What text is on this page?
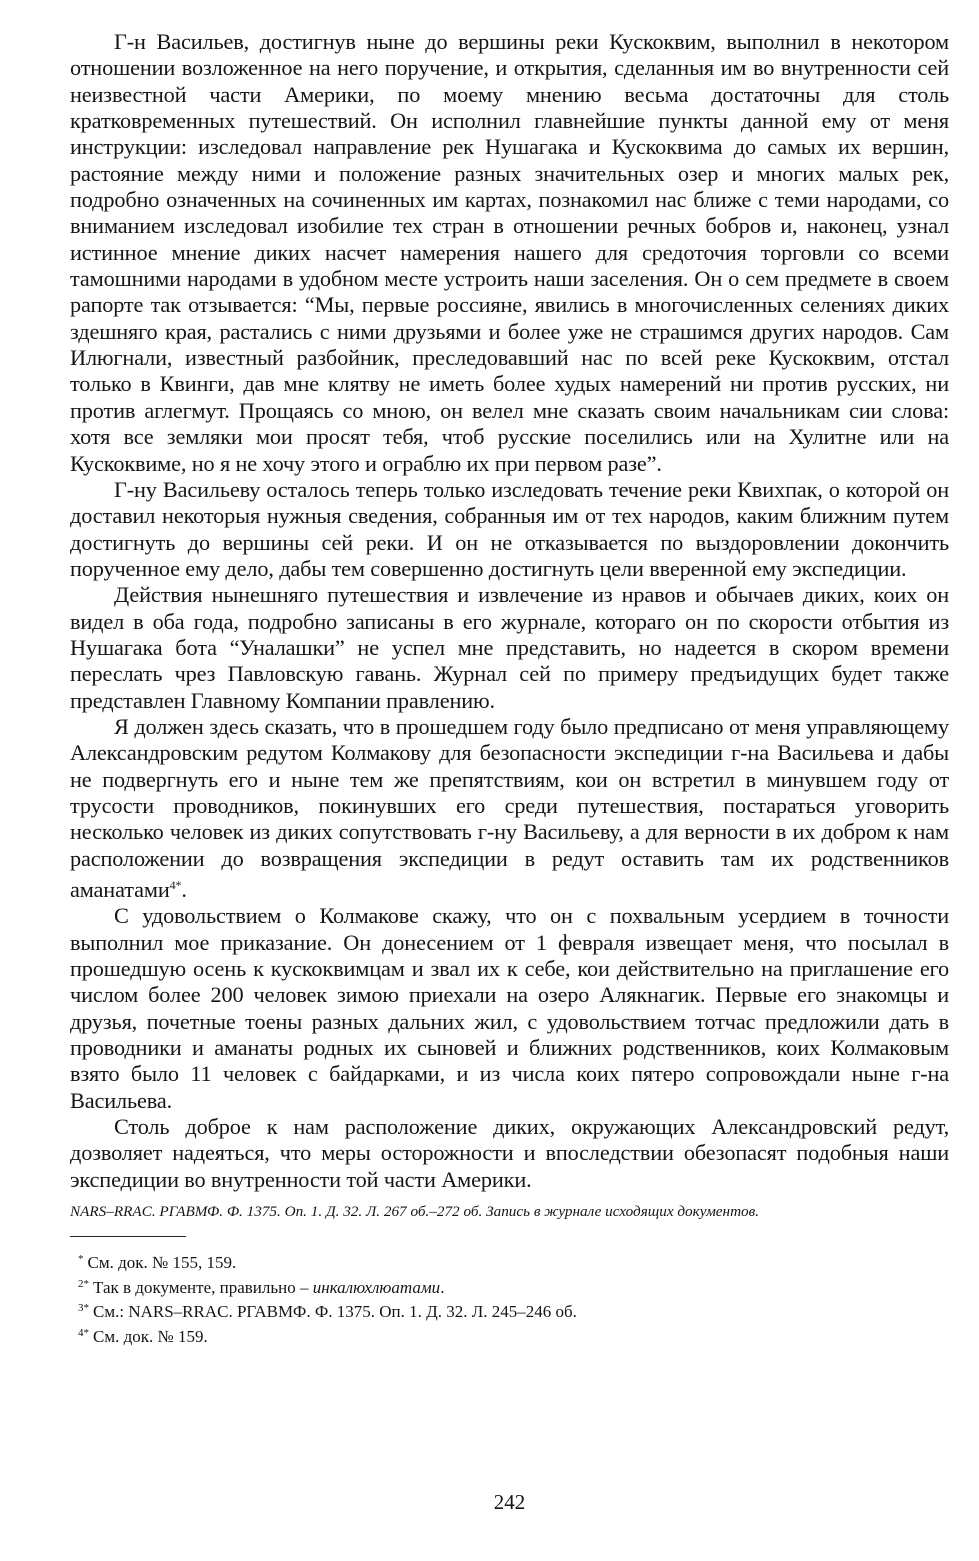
Г-н Васильев, достигнув ныне до вершины реки Кускоквим, выполнил в некотором отношении возложенное на него поручение, и открытия, сделанныя им во внутренности сей неизвестной части Америки, по моему мнению весьма достаточны для столь кратковременных путешествий. Он исполнил главнейшие пункты данной ему от меня инструкции: изследовал направление рек Нушагака и Кускоквима до самых их вершин, растояние между ними и положение разных значительных озер и многих малых рек, подробно означенных на сочиненных им картах, познакомил нас ближе с теми народами, со вниманием изследовал изобилие тех стран в отношении речных бобров и, наконец, узнал истинное мнение диких насчет намерения нашего для средоточия торговли со всеми тамошними народами в удобном месте устроить наши заселения. Он о сем предмете в своем рапорте так отзывается: “Мы, первые россияне, явились в многочисленных селениях диких здешняго края, растались с ними друзьями и более уже не страшимся других народов. Сам Илюгнали, известный разбойник, преследовавший нас по всей реке Кускоквим, отстал только в Квинги, дав мне клятву не иметь более худых намерений ни против русских, ни против аглегмут. Прощаясь со мною, он велел мне сказать своим начальникам сии слова: хотя все земляки мои просят тебя, чтоб русские поселились или на Хулитне или на Кускоквиме, но я не хочу этого и ограблю их при первом разе”.

Г-ну Васильеву осталось теперь только изследовать течение реки Квихпак, о которой он доставил некоторыя нужныя сведения, собранныя им от тех народов, каким ближним путем достигнуть до вершины сей реки. И он не отказывается по выздоровлении докончить порученное ему дело, дабы тем совершенно достигнуть цели вверенной ему экспедиции.

Действия нынешняго путешествия и извлечение из нравов и обычаев диких, коих он видел в оба года, подробно записаны в его журнале, котораго он по скорости отбытия из Нушагака бота “Уналашки” не успел мне представить, но надеется в скором времени переслать чрез Павловскую гавань. Журнал сей по примеру предъидущих будет также представлен Главному Компании правлению.

Я должен здесь сказать, что в прошедшем году было предписано от меня управляющему Александровским редутом Колмакову для безопасности экспедиции г-на Васильева и дабы не подвергнуть его и ныне тем же препятствиям, кои он встретил в минувшем году от трусости проводников, покинувших его среди путешествия, постараться уговорить несколько человек из диких сопутствовать г-ну Васильеву, а для верности в их добром к нам расположении до возвращения экспедиции в редут оставить там их родственников аманатами$^{4*}$.

С удовольствием о Колмакове скажу, что он с похвальным усердием в точности выполнил мое приказание. Он донесением от 1 февраля извещает меня, что посылал в прошедшую осень к кускоквимцам и звал их к себе, кои действительно на приглашение его числом более 200 человек зимою приехали на озеро Алякнагик. Первые его знакомцы и друзья, почетные тоены разных дальних жил, с удовольствием тотчас предложили дать в проводники и аманаты родных их сыновей и ближних родственников, коих Колмаковым взято было 11 человек с байдарками, и из числа коих пятеро сопровождали ныне г-на Васильева.

Столь доброе к нам расположение диких, окружающих Александровский редут, дозволяет надеяться, что меры осторожности и впоследствии обезопасят подобныя наши экспедиции во внутренности той части Америки.

NARS–RRAC. РГАВМФ. Ф. 1375. Оп. 1. Д. 32. Л. 267 об.–272 об. Запись в журнале исходящих документов.
* См. док. № 155, 159.
$^{2*}$ Так в документе, правильно – инкалюхлюатами.
$^{3*}$ См.: NARS–RRAC. РГАВМФ. Ф. 1375. Оп. 1. Д. 32. Л. 245–246 об.
$^{4*}$ См. док. № 159.
242
